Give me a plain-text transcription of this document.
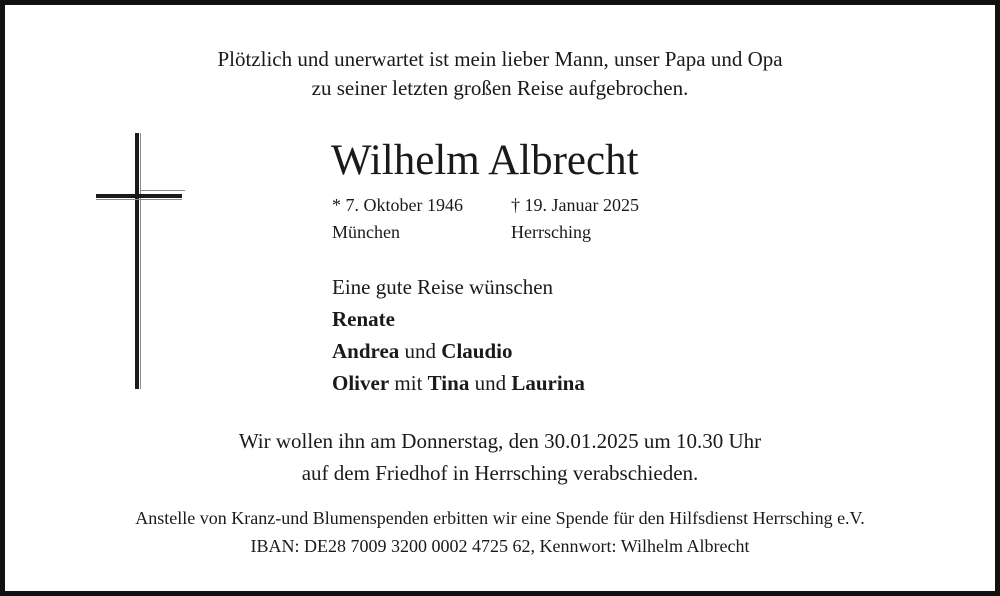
Plötzlich und unerwartet ist mein lieber Mann, unser Papa und Opa
zu seiner letzten großen Reise aufgebrochen.
Wilhelm Albrecht
* 7. Oktober 1946
München
† 19. Januar 2025
Herrsching
Eine gute Reise wünschen
Renate
Andrea und Claudio
Oliver mit Tina und Laurina
Wir wollen ihn am Donnerstag, den 30.01.2025 um 10.30 Uhr
auf dem Friedhof in Herrsching verabschieden.
Anstelle von Kranz-und Blumenspenden erbitten wir eine Spende für den Hilfsdienst Herrsching e.V.
IBAN: DE28 7009 3200 0002 4725 62, Kennwort: Wilhelm Albrecht
